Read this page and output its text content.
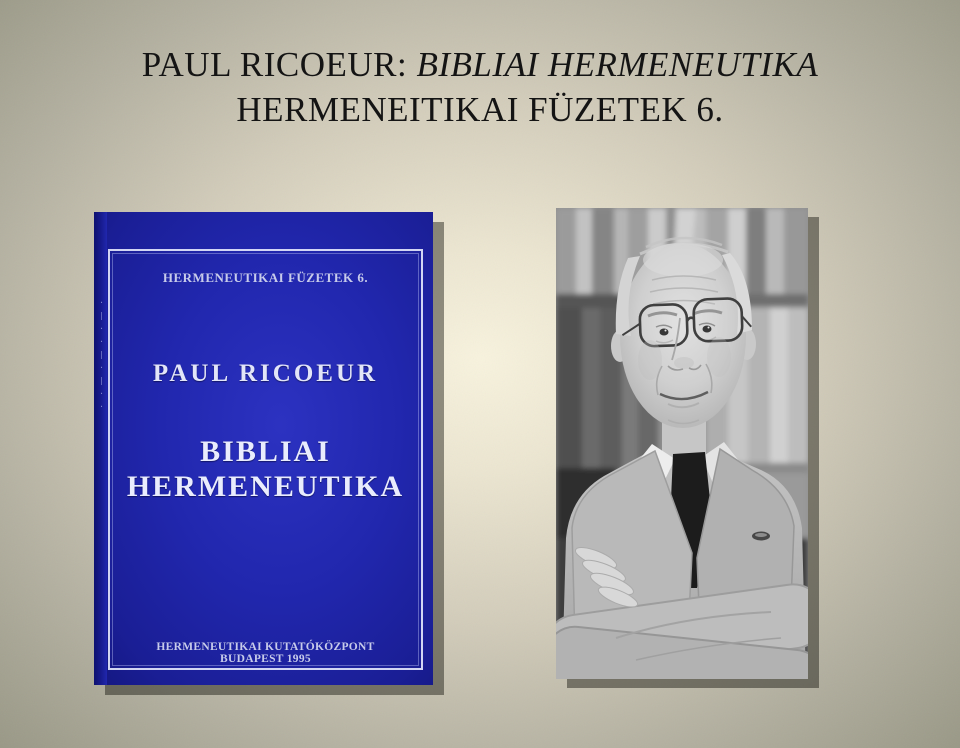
PAUL RICOEUR: BIBLIAI HERMENEUTIKA
HERMENEITIKAI FÜZETEK 6.
·|··|·|··
HERMENEUTIKAI FÜZETEK 6.
PAUL RICOEUR
BIBLIAI
HERMENEUTIKA
HERMENEUTIKAI KUTATÓKÖZPONT
BUDAPEST 1995
